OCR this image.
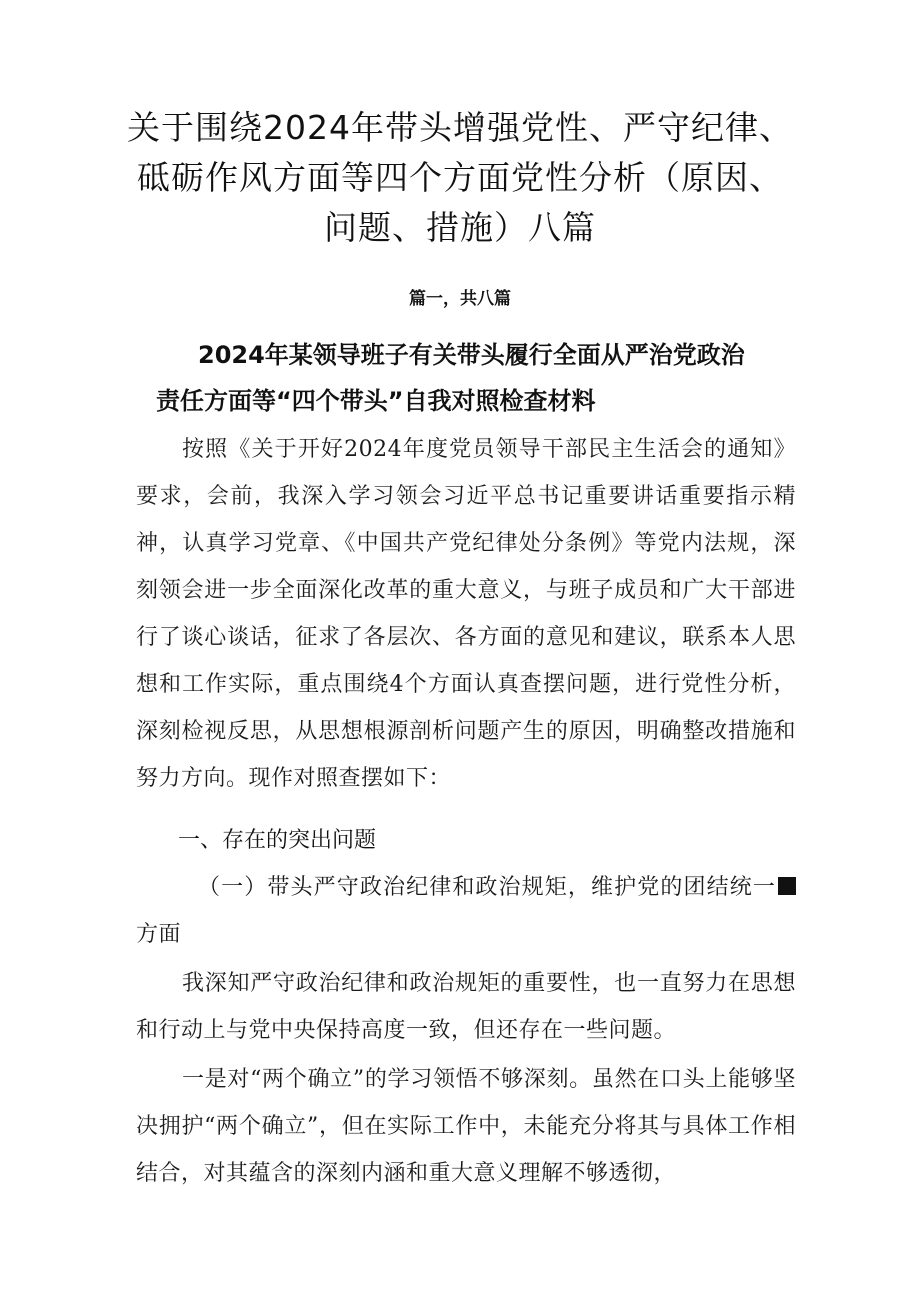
关于围绕2024年带头增强党性、严守纪律、
砥砺作风方面等四个方面党性分析（原因、
问题、措施）八篇
篇一，共八篇
2024年某领导班子有关带头履行全面从严治党政治
责任方面等“四个带头”自我对照检查材料

按照《关于开好2024年度党员领导干部民主生活会的通知》要求，会前，我深入学习领会习近平总书记重要讲话重要指示精神，认真学习党章、《中国共产党纪律处分条例》等党内法规，深刻领会进一步全面深化改革的重大意义，与班子成员和广大干部进行了谈心谈话，征求了各层次、各方面的意见和建议，联系本人思想和工作实际，重点围绕4个方面认真查摆问题，进行党性分析，深刻检视反思，从思想根源剖析问题产生的原因，明确整改措施和努力方向。现作对照查摆如下：

一、存在的突出问题

（一）带头严守政治纪律和政治规矩，维护党的团结统一方面

我深知严守政治纪律和政治规矩的重要性，也一直努力在思想和行动上与党中央保持高度一致，但还存在一些问题。

一是对“两个确立”的学习领悟不够深刻。虽然在口头上能够坚决拥护“两个确立”，但在实际工作中，未能充分将其与具体工作相结合，对其蕴含的深刻内涵和重大意义理解不够透彻，
